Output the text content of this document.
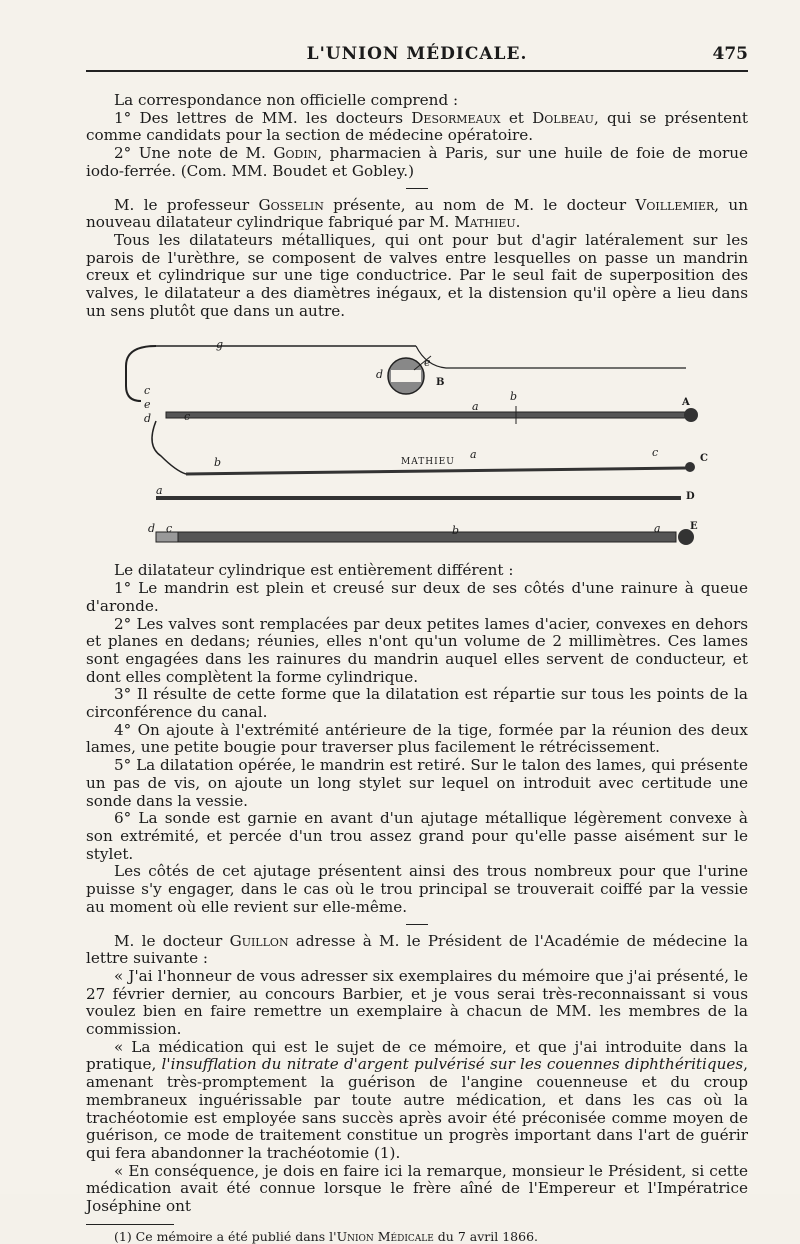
L'UNION MÉDICALE.	475

La correspondance non officielle comprend :

1° Des lettres de MM. les docteurs Desormeaux et Dolbeau, qui se présentent comme candidats pour la section de médecine opératoire.

2° Une note de M. Godin, pharmacien à Paris, sur une huile de foie de morue iodo-ferrée. (Com. MM. Boudet et Gobley.)

M. le professeur Gosselin présente, au nom de M. le docteur Voillemier, un nouveau dilatateur cylindrique fabriqué par M. Mathieu.

Tous les dilatateurs métalliques, qui ont pour but d'agir latéralement sur les parois de l'urèthre, se composent de valves entre lesquelles on passe un mandrin creux et cylindrique sur une tige conductrice. Par le seul fait de superposition des valves, le dilatateur a des diamètres inégaux, et la distension qu'il opère a lieu dans un sens plutôt que dans un autre.

MATHIEU
g
c
e
d	c
d
e
B
a
b	A
b
a	c	C
a	D
d c	b	a	E

Le dilatateur cylindrique est entièrement différent :

1° Le mandrin est plein et creusé sur deux de ses côtés d'une rainure à queue d'aronde.

2° Les valves sont remplacées par deux petites lames d'acier, convexes en dehors et planes en dedans; réunies, elles n'ont qu'un volume de 2 millimètres. Ces lames sont engagées dans les rainures du mandrin auquel elles servent de conducteur, et dont elles complètent la forme cylindrique.

3° Il résulte de cette forme que la dilatation est répartie sur tous les points de la circonférence du canal.

4° On ajoute à l'extrémité antérieure de la tige, formée par la réunion des deux lames, une petite bougie pour traverser plus facilement le rétrécissement.

5° La dilatation opérée, le mandrin est retiré. Sur le talon des lames, qui présente un pas de vis, on ajoute un long stylet sur lequel on introduit avec certitude une sonde dans la vessie.

6° La sonde est garnie en avant d'un ajutage métallique légèrement convexe à son extrémité, et percée d'un trou assez grand pour qu'elle passe aisément sur le stylet.

Les côtés de cet ajutage présentent ainsi des trous nombreux pour que l'urine puisse s'y engager, dans le cas où le trou principal se trouverait coiffé par la vessie au moment où elle revient sur elle-même.

M. le docteur Guillon adresse à M. le Président de l'Académie de médecine la lettre suivante :

« J'ai l'honneur de vous adresser six exemplaires du mémoire que j'ai présenté, le 27 février dernier, au concours Barbier, et je vous serai très-reconnaissant si vous voulez bien en faire remettre un exemplaire à chacun de MM. les membres de la commission.

« La médication qui est le sujet de ce mémoire, et que j'ai introduite dans la pratique, l'insufflation du nitrate d'argent pulvérisé sur les couennes diphthéritiques, amenant très-promptement la guérison de l'angine couenneuse et du croup membraneux inguérissable par toute autre médication, et dans les cas où la trachéotomie est employée sans succès après avoir été préconisée comme moyen de guérison, ce mode de traitement constitue un progrès important dans l'art de guérir qui fera abandonner la trachéotomie (1).

« En conséquence, je dois en faire ici la remarque, monsieur le Président, si cette médication avait été connue lorsque le frère aîné de l'Empereur et l'Impératrice Joséphine ont

(1) Ce mémoire a été publié dans l'Union Médicale du 7 avril 1866.
